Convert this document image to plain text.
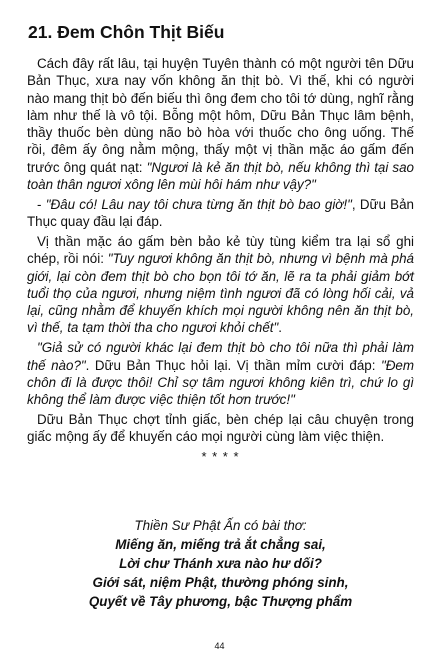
21. Đem Chôn Thịt Biếu

Cách đây rất lâu, tại huyện Tuyên thành có một người tên Dữu Bản Thục, xưa nay vốn không ăn thịt bò. Vì thế, khi có người nào mang thịt bò đến biếu thì ông đem cho tôi tớ dùng, nghĩ rằng làm như thế là vô tội. Bỗng một hôm, Dữu Bản Thục lâm bệnh, thầy thuốc bèn dùng não bò hòa với thuốc cho ông uống. Thế rồi, đêm ấy ông nằm mộng, thấy một vị thần mặc áo gấm đến trước ông quát nạt: "Ngươi là kẻ ăn thịt bò, nếu không thì tại sao toàn thân ngươi xông lên mùi hôi hám như vậy?"

- "Đâu có! Lâu nay tôi chưa từng ăn thịt bò bao giờ!", Dữu Bản Thục quay đầu lại đáp.

Vị thần mặc áo gấm bèn bảo kẻ tùy tùng kiểm tra lại sổ ghi chép, rồi nói: "Tuy ngươi không ăn thịt bò, nhưng vì bệnh mà phá giới, lại còn đem thịt bò cho bọn tôi tớ ăn, lẽ ra ta phải giảm bớt tuổi thọ của ngươi, nhưng niệm tình ngươi đã có lòng hối cải, vả lại, cũng nhằm để khuyến khích mọi người không nên ăn thịt bò, vì thế, ta tạm thời tha cho ngươi khỏi chết".

"Giả sử có người khác lại đem thịt bò cho tôi nữa thì phải làm thế nào?". Dữu Bản Thục hỏi lại. Vị thần mỉm cười đáp: "Đem chôn đi là được thôi! Chỉ sợ tâm ngươi không kiên trì, chứ lo gì không thể làm được việc thiện tốt hơn trước!"

Dữu Bản Thục chợt tỉnh giấc, bèn chép lại câu chuyện trong giấc mộng ấy để khuyến cáo mọi người cùng làm việc thiện.

* * * *
Thiền Sư Phật Ấn có bài thơ:
Miếng ăn, miếng trả ắt chẳng sai,
Lời chư Thánh xưa nào hư dối?
Giới sát, niệm Phật, thường phóng sinh,
Quyết về Tây phương, bậc Thượng phẩm
44
